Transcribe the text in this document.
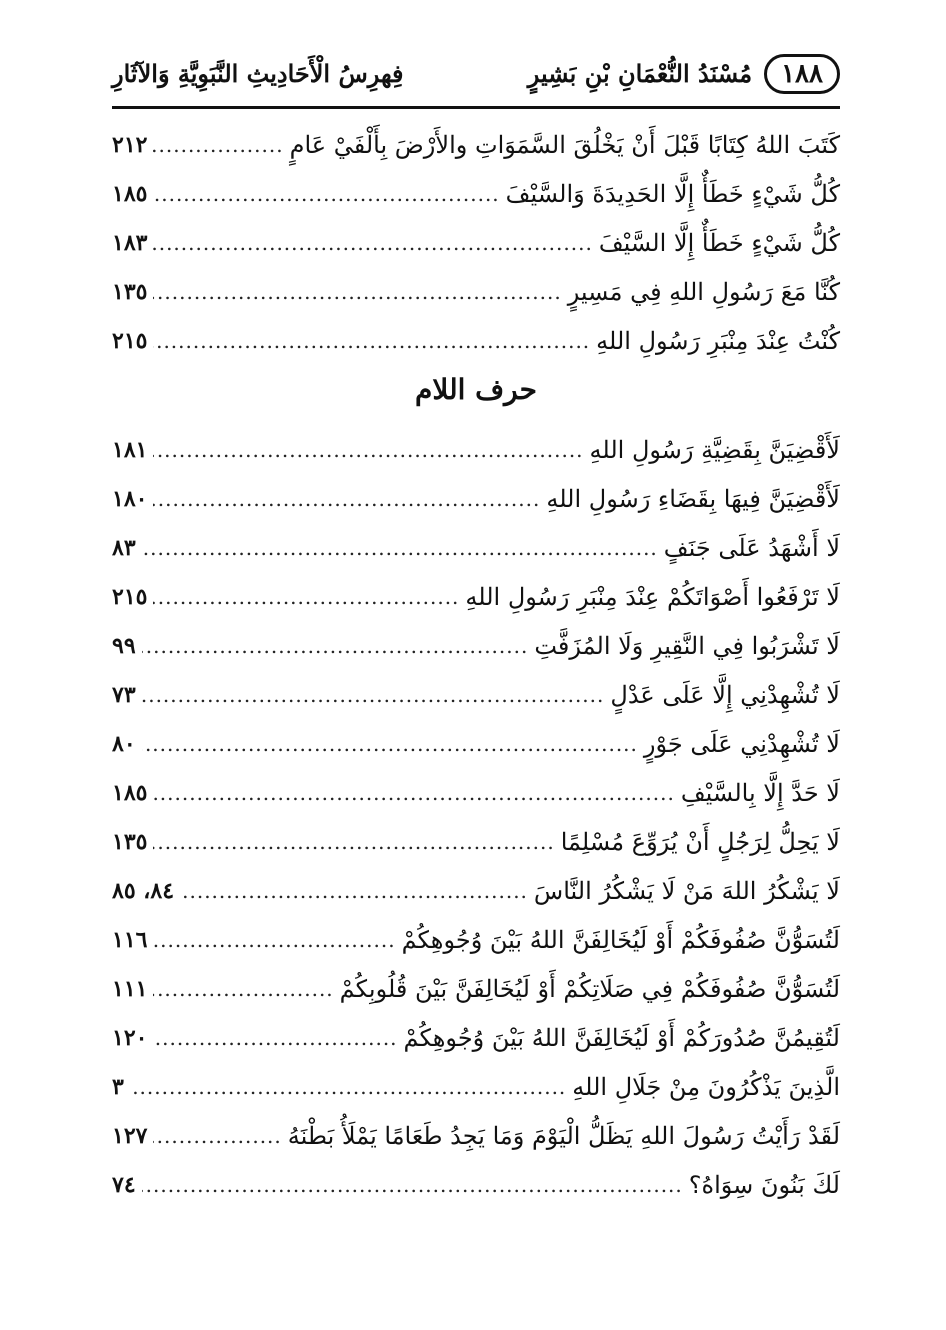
١٨٨
مُسْنَدُ النُّعْمَانِ بْنِ بَشِيرٍ
فِهرِسُ الْأَحَادِيثِ النَّبَوِيَّةِ وَالآثَارِ
كَتَبَ اللهُ كِتَابًا قَبْلَ أَنْ يَخْلُقَ السَّمَوَاتِ والأَرْضَ بِأَلْفَيْ عَامٍ
.....
٢١٢
كُلُّ شَيْءٍ خَطَأٌ إِلَّا الحَدِيدَةَ وَالسَّيْفَ
.....
١٨٥
كُلُّ شَيْءٍ خَطَأٌ إِلَّا السَّيْفَ
.....
١٨٣
كُنَّا مَعَ رَسُولِ اللهِ فِي مَسِيرٍ
.....
١٣٥
كُنْتُ عِنْدَ مِنْبَرِ رَسُولِ اللهِ
.....
٢١٥
حرف اللام
لَأَقْضِيَنَّ بِقَضِيَّةِ رَسُولِ اللهِ
.....
١٨١
لَأَقْضِيَنَّ فِيهَا بِقَضَاءِ رَسُولِ اللهِ
.....
١٨٠
لَا أَشْهَدُ عَلَى جَنَفٍ
.....
٨٣
لَا تَرْفَعُوا أَصْوَاتَكُمْ عِنْدَ مِنْبَرِ رَسُولِ اللهِ
.....
٢١٥
لَا تَشْرَبُوا فِي النَّقِيرِ وَلَا المُزَفَّتِ
.....
٩٩
لَا تُشْهِدْنِي إِلَّا عَلَى عَدْلٍ
.....
٧٣
لَا تُشْهِدْنِي عَلَى جَوْرٍ
.....
٨٠
لَا حَدَّ إِلَّا بِالسَّيْفِ
.....
١٨٥
لَا يَحِلُّ لِرَجُلٍ أَنْ يُرَوِّعَ مُسْلِمًا
.....
١٣٥
لَا يَشْكُرُ اللهَ مَنْ لَا يَشْكُرُ النَّاسَ
.....
٨٤، ٨٥
لَتُسَوُّنَّ صُفُوفَكُمْ أَوْ لَيُخَالِفَنَّ اللهُ بَيْنَ وُجُوهِكُمْ
.....
١١٦
لَتُسَوُّنَّ صُفُوفَكُمْ فِي صَلَاتِكُمْ أَوْ لَيُخَالِفَنَّ بَيْنَ قُلُوبِكُمْ
.....
١١١
لَتُقِيمُنَّ صُدُورَكُمْ أَوْ لَيُخَالِفَنَّ اللهُ بَيْنَ وُجُوهِكُمْ
.....
١٢٠
الَّذِينَ يَذْكُرُونَ مِنْ جَلَالِ اللهِ
.....
٣
لَقَدْ رَأَيْتُ رَسُولَ اللهِ يَظَلُّ الْيَوْمَ وَمَا يَجِدُ طَعَامًا يَمْلَأُ بَطْنَهُ
.....
١٢٧
لَكَ بَنُونَ سِوَاهُ؟
.....
٧٤
